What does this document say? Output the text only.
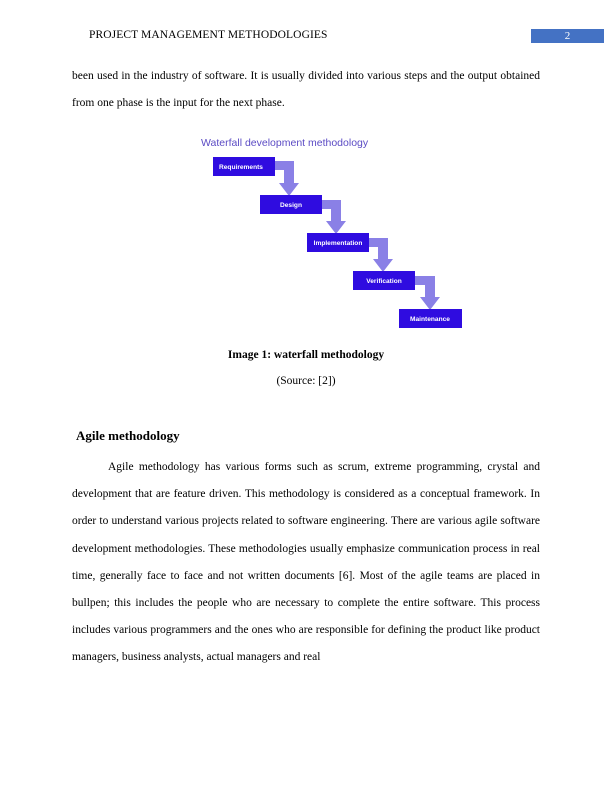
PROJECT MANAGEMENT METHODOLOGIES	2

been used in the industry of software. It is usually divided into various steps and the output obtained from one phase is the input for the next phase.

Waterfall development methodology
Requirements
Design
Implementation
Verification
Maintenance
Image 1: waterfall methodology
(Source: [2])
Agile methodology

Agile methodology has various forms such as scrum, extreme programming, crystal and development that are feature driven. This methodology is considered as a conceptual framework. In order to understand various projects related to software engineering. There are various agile software development methodologies. These methodologies usually emphasize communication process in real time, generally face to face and not written documents [6]. Most of the agile teams are placed in bullpen; this includes the people who are necessary to complete the entire software. This process includes various programmers and the ones who are responsible for defining the product like product managers, business analysts, actual managers and real
